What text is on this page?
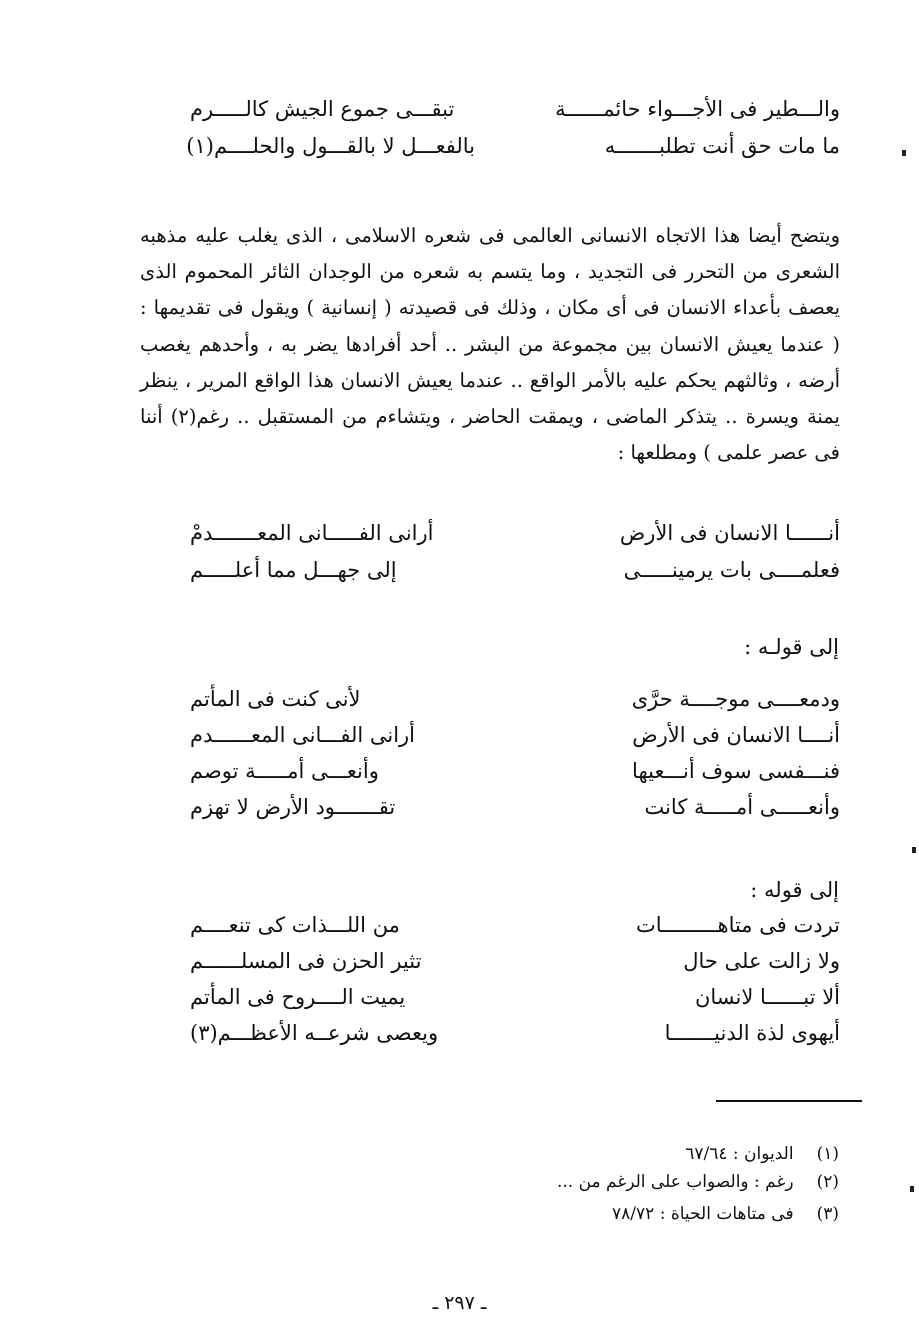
والـــطير فى الأجـــواء حائمــــــة
تبقـــى جموع الجيش كالـــــرم
ما مات حق أنت تطلبـــــــه
بالفعـــل لا بالقـــول والحلــــم(١)

ويتضح أيضا هذا الاتجاه الانسانى العالمى فى شعره الاسلامى ، الذى يغلب عليه مذهبه الشعرى من التحرر فى التجديد ، وما يتسم به شعره من الوجدان الثائر المحموم الذى يعصف بأعداء الانسان فى أى مكان ، وذلك فى قصيدته ( إنسانية ) ويقول فى تقديمها : ( عندما يعيش الانسان بين مجموعة من البشر .. أحد أفرادها يضر به ، وأحدهم يغصب أرضه ، وثالثهم يحكم عليه بالأمر الواقع .. عندما يعيش الانسان هذا الواقع المرير ، ينظر يمنة ويسرة .. يتذكر الماضى ، ويمقت الحاضر ، ويتشاءم من المستقبل .. رغم(٢) أننا فى عصر علمى ) ومطلعها :

أنــــــا الانسان فى الأرض
أرانى الفـــــانى المعـــــــدمْ
فعلمــــى بات يرمينـــــى
إلى جهـــل مما أعلـــــم
إلى قولـه :
ودمعــــى موجــــة حرَّى
لأنى كنت فى المأتم
أنــــا الانسان فى الأرض
أرانى الفـــانى المعــــــدم
فنـــفسى سوف أنـــعيها
وأنعـــى أمـــــة توصم
وأنعـــــى أمـــــة كانت
تقـــــــود الأرض لا تهزم
إلى قوله :
تردت فى متاهـــــــــات
من اللـــذات كى تنعــــم
ولا زالت على حال
تثير الحزن فى المسلــــــم
ألا تبــــــا لانسان
يميت الــــروح فى المأتم
أيهوى لذة الدنيـــــــا
ويعصى شرعــه الأعظـــم(٣)
(١) الديوان : ٦٧/٦٤
(٢) رغم : والصواب على الرغم من ...
(٣) فى متاهات الحياة : ٧٨/٧٢
ـ ٢٩٧ ـ
